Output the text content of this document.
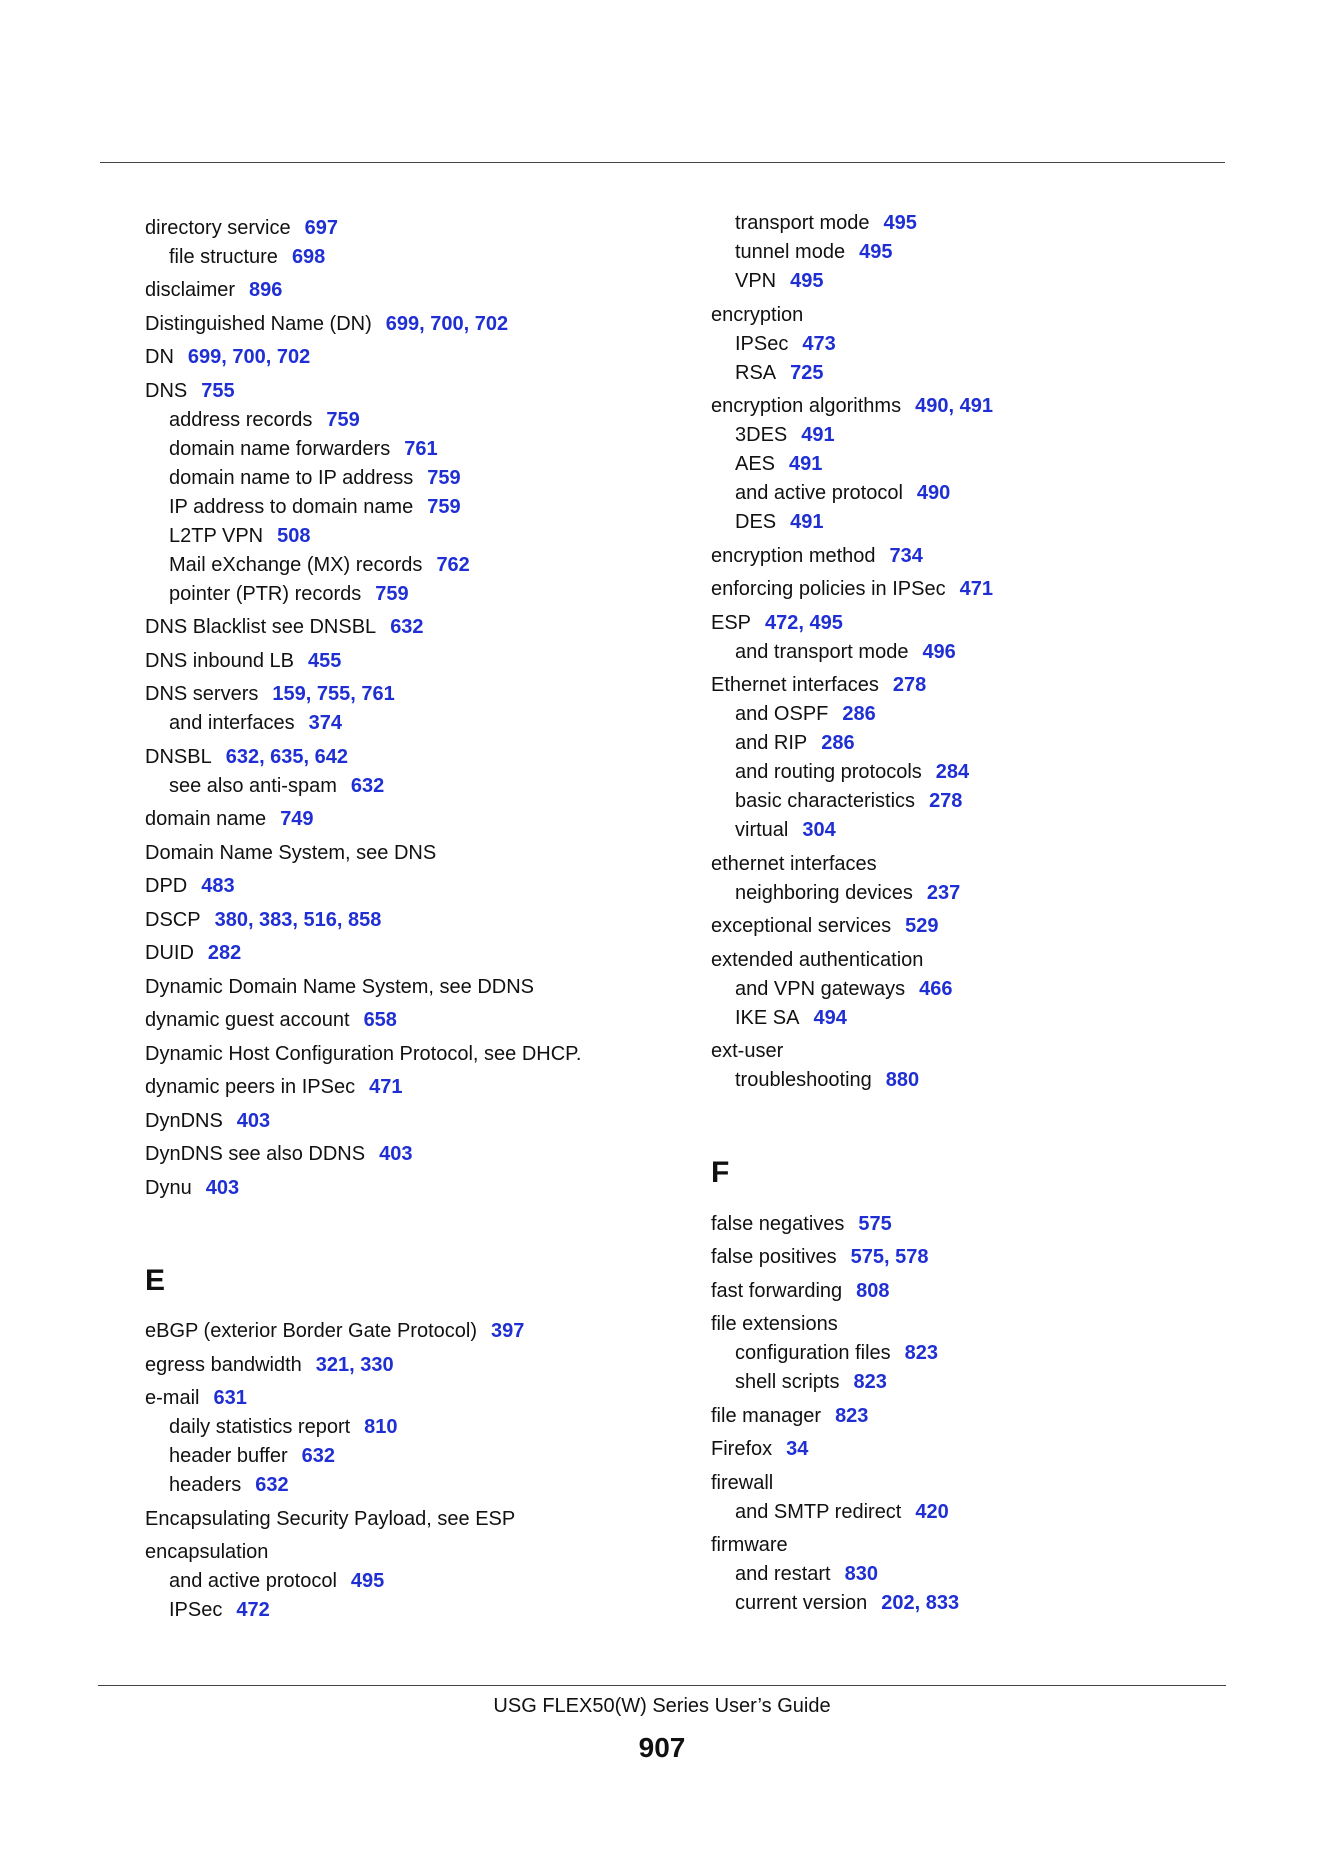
directory service 697
file structure 698
disclaimer 896
Distinguished Name (DN) 699, 700, 702
DN 699, 700, 702
DNS 755
address records 759
domain name forwarders 761
domain name to IP address 759
IP address to domain name 759
L2TP VPN 508
Mail eXchange (MX) records 762
pointer (PTR) records 759
DNS Blacklist see DNSBL 632
DNS inbound LB 455
DNS servers 159, 755, 761
and interfaces 374
DNSBL 632, 635, 642
see also anti-spam 632
domain name 749
Domain Name System, see DNS
DPD 483
DSCP 380, 383, 516, 858
DUID 282
Dynamic Domain Name System, see DDNS
dynamic guest account 658
Dynamic Host Configuration Protocol, see DHCP.
dynamic peers in IPSec 471
DynDNS 403
DynDNS see also DDNS 403
Dynu 403
E
eBGP (exterior Border Gate Protocol) 397
egress bandwidth 321, 330
e-mail 631
daily statistics report 810
header buffer 632
headers 632
Encapsulating Security Payload, see ESP
encapsulation
and active protocol 495
IPSec 472
transport mode 495
tunnel mode 495
VPN 495
encryption
IPSec 473
RSA 725
encryption algorithms 490, 491
3DES 491
AES 491
and active protocol 490
DES 491
encryption method 734
enforcing policies in IPSec 471
ESP 472, 495
and transport mode 496
Ethernet interfaces 278
and OSPF 286
and RIP 286
and routing protocols 284
basic characteristics 278
virtual 304
ethernet interfaces
neighboring devices 237
exceptional services 529
extended authentication
and VPN gateways 466
IKE SA 494
ext-user
troubleshooting 880
F
false negatives 575
false positives 575, 578
fast forwarding 808
file extensions
configuration files 823
shell scripts 823
file manager 823
Firefox 34
firewall
and SMTP redirect 420
firmware
and restart 830
current version 202, 833
USG FLEX50(W) Series User’s Guide
907
